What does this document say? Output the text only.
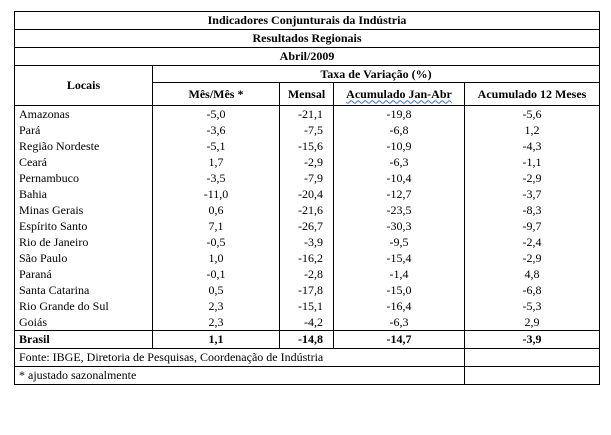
Indicadores Conjunturais da Indústria				
Resultados Regionais				
Abril/2009				
Locais	Taxa de Variação (%)			
	Mês/Mês *	Mensal	Acumulado Jan-Abr	Acumulado 12 Meses
Amazonas	-5,0	-21,1	-19,8	-5,6
Pará	-3,6	-7,5	-6,8	1,2
Região Nordeste	-5,1	-15,6	-10,9	-4,3
Ceará	1,7	-2,9	-6,3	-1,1
Pernambuco	-3,5	-7,9	-10,4	-2,9
Bahia	-11,0	-20,4	-12,7	-3,7
Minas Gerais	0,6	-21,6	-23,5	-8,3
Espírito Santo	7,1	-26,7	-30,3	-9,7
Rio de Janeiro	-0,5	-3,9	-9,5	-2,4
São Paulo	1,0	-16,2	-15,4	-2,9
Paraná	-0,1	-2,8	-1,4	4,8
Santa Catarina	0,5	-17,8	-15,0	-6,8
Rio Grande do Sul	2,3	-15,1	-16,4	-5,3
Goiás	2,3	-4,2	-6,3	2,9
Brasil	1,1	-14,8	-14,7	-3,9
Fonte: IBGE, Diretoria de Pesquisas, Coordenação de Indústria				
* ajustado sazonalmente				
